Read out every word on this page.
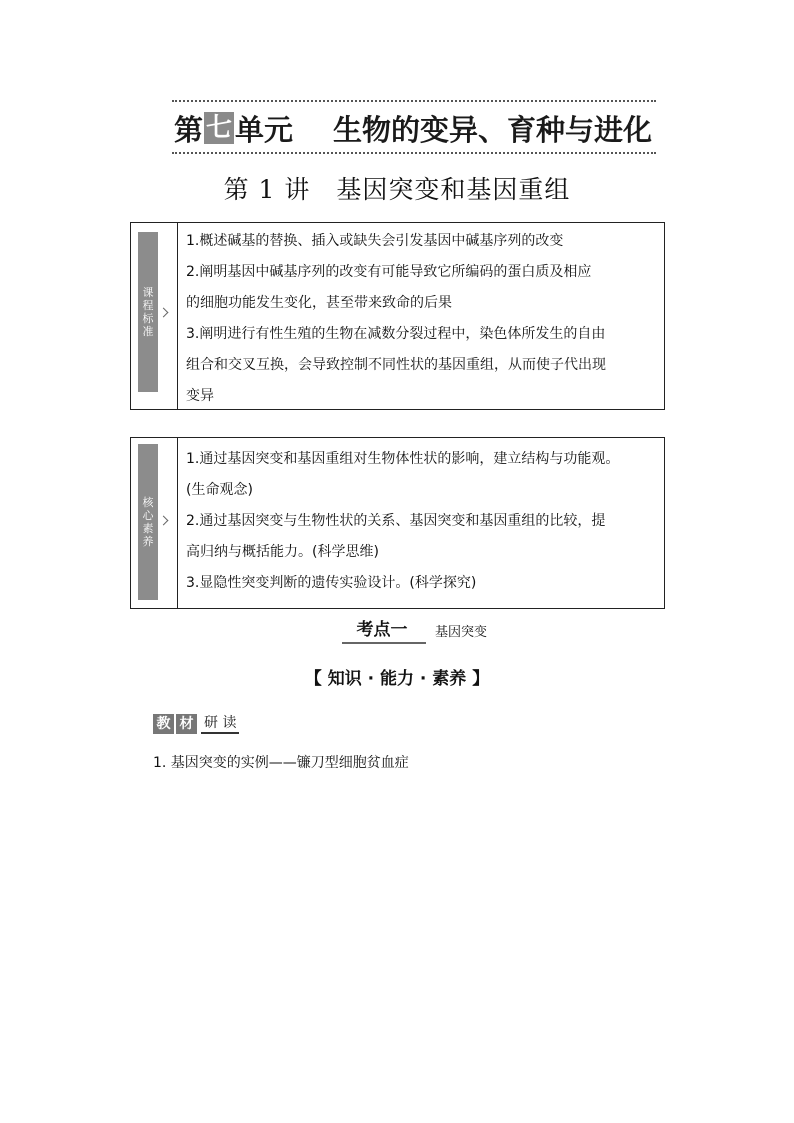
第 七 单元 生物的变异、育种与进化
第 1 讲　基因突变和基因重组
课
程
标
准

1.概述碱基的替换、插入或缺失会引发基因中碱基序列的改变

2.阐明基因中碱基序列的改变有可能导致它所编码的蛋白质及相应

的细胞功能发生变化，甚至带来致命的后果

3.阐明进行有性生殖的生物在减数分裂过程中，染色体所发生的自由

组合和交叉互换，会导致控制不同性状的基因重组，从而使子代出现

变异

核
心
素
养

1.通过基因突变和基因重组对生物体性状的影响，建立结构与功能观。

(生命观念)

2.通过基因突变与生物性状的关系、基因突变和基因重组的比较，提

高归纳与概括能力。(科学思维)

3.显隐性突变判断的遗传实验设计。(科学探究)

考点一	基因突变
【 知识 · 能力 · 素养 】
教 材 研 读
1. 基因突变的实例——镰刀型细胞贫血症
